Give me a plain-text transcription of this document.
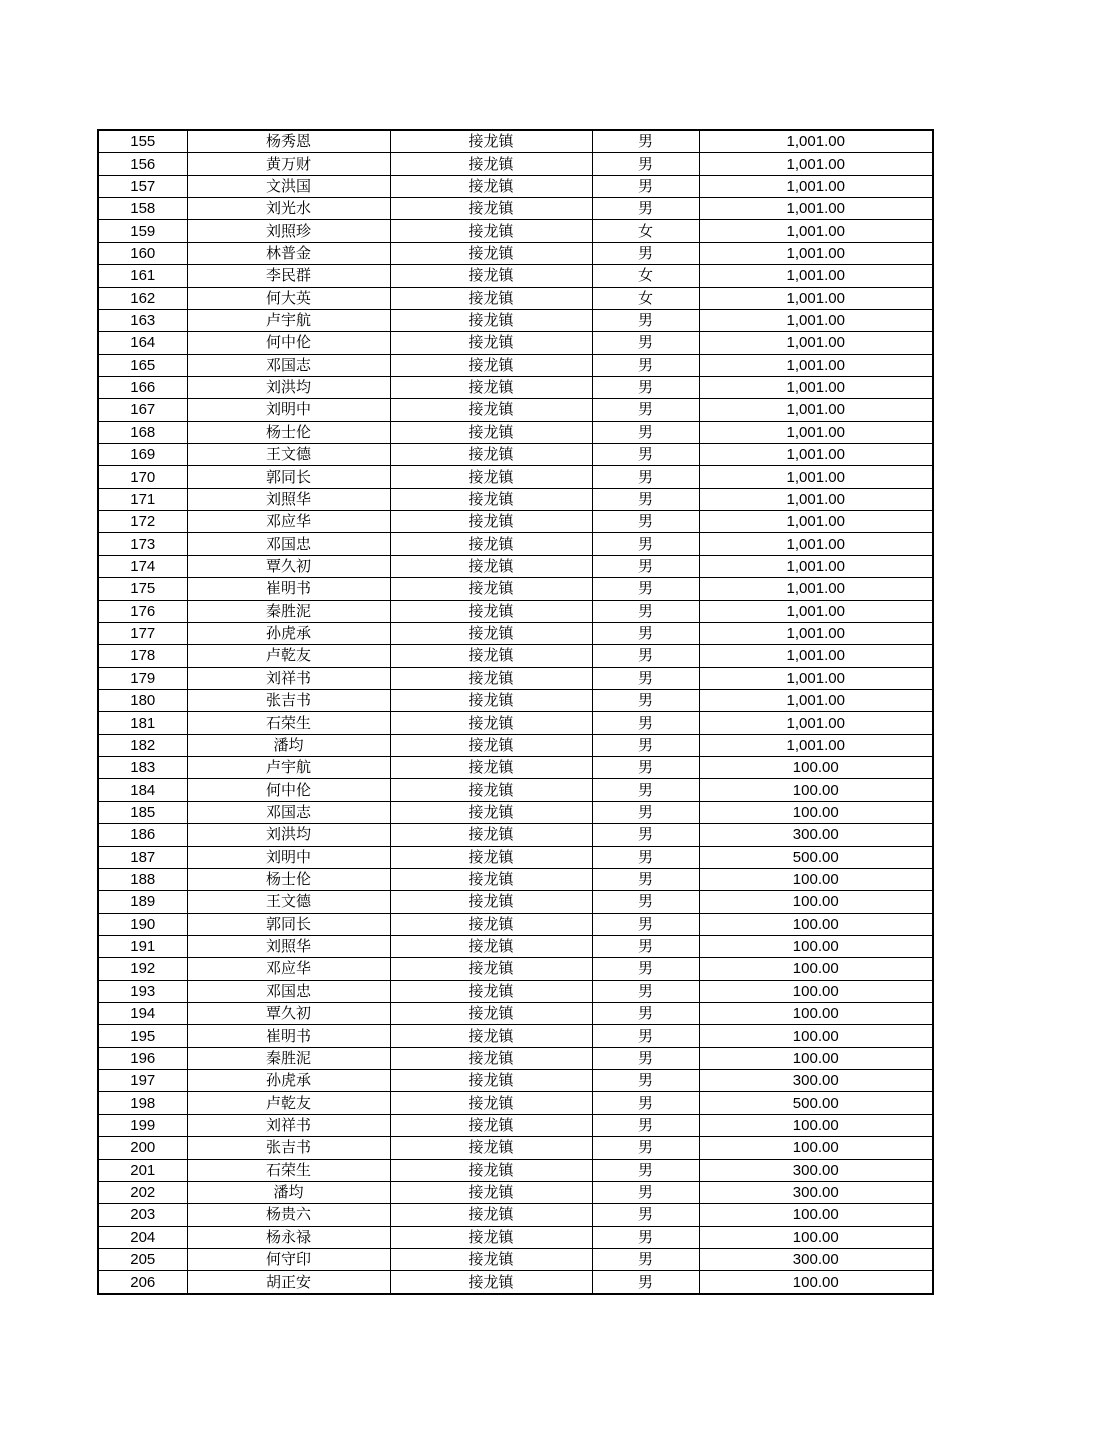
155	杨秀恩	接龙镇	男	1,001.00
156	黄万财	接龙镇	男	1,001.00
157	文洪国	接龙镇	男	1,001.00
158	刘光水	接龙镇	男	1,001.00
159	刘照珍	接龙镇	女	1,001.00
160	林普金	接龙镇	男	1,001.00
161	李民群	接龙镇	女	1,001.00
162	何大英	接龙镇	女	1,001.00
163	卢宇航	接龙镇	男	1,001.00
164	何中伦	接龙镇	男	1,001.00
165	邓国志	接龙镇	男	1,001.00
166	刘洪均	接龙镇	男	1,001.00
167	刘明中	接龙镇	男	1,001.00
168	杨士伦	接龙镇	男	1,001.00
169	王文德	接龙镇	男	1,001.00
170	郭同长	接龙镇	男	1,001.00
171	刘照华	接龙镇	男	1,001.00
172	邓应华	接龙镇	男	1,001.00
173	邓国忠	接龙镇	男	1,001.00
174	覃久初	接龙镇	男	1,001.00
175	崔明书	接龙镇	男	1,001.00
176	秦胜泥	接龙镇	男	1,001.00
177	孙虎承	接龙镇	男	1,001.00
178	卢乾友	接龙镇	男	1,001.00
179	刘祥书	接龙镇	男	1,001.00
180	张吉书	接龙镇	男	1,001.00
181	石荣生	接龙镇	男	1,001.00
182	潘均	接龙镇	男	1,001.00
183	卢宇航	接龙镇	男	100.00
184	何中伦	接龙镇	男	100.00
185	邓国志	接龙镇	男	100.00
186	刘洪均	接龙镇	男	300.00
187	刘明中	接龙镇	男	500.00
188	杨士伦	接龙镇	男	100.00
189	王文德	接龙镇	男	100.00
190	郭同长	接龙镇	男	100.00
191	刘照华	接龙镇	男	100.00
192	邓应华	接龙镇	男	100.00
193	邓国忠	接龙镇	男	100.00
194	覃久初	接龙镇	男	100.00
195	崔明书	接龙镇	男	100.00
196	秦胜泥	接龙镇	男	100.00
197	孙虎承	接龙镇	男	300.00
198	卢乾友	接龙镇	男	500.00
199	刘祥书	接龙镇	男	100.00
200	张吉书	接龙镇	男	100.00
201	石荣生	接龙镇	男	300.00
202	潘均	接龙镇	男	300.00
203	杨贵六	接龙镇	男	100.00
204	杨永禄	接龙镇	男	100.00
205	何守印	接龙镇	男	300.00
206	胡正安	接龙镇	男	100.00
